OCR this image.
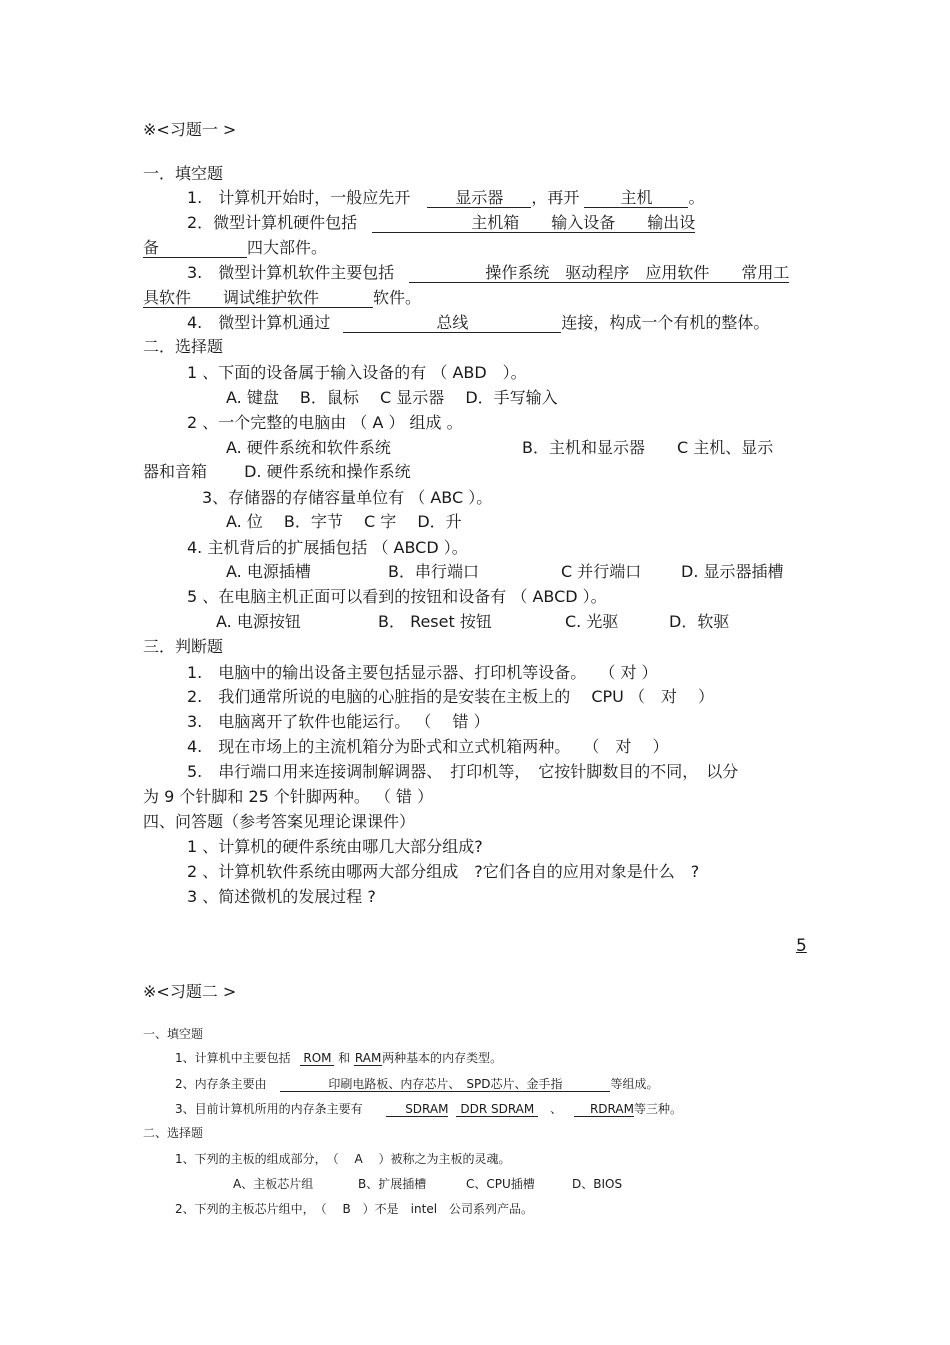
※<习题一 >
一．填空题
1.　计算机开始时，一般应先开	显示器 ，再开	主机 。
2．微型计算机硬件包括	主机箱　　输入设备　　输出设
备	四大部件。
3.　微型计算机软件主要包括	操作系统　驱动程序　应用软件　　常用工
具软件　　调试维护软件	软件。
4.　微型计算机通过	总线	连接，构成一个有机的整体。
二．选择题
1 、下面的设备属于输入设备的有 （ ABD　）。
A. 键盘　 B．鼠标　 C 显示器　 D．手写输入
2 、一个完整的电脑由 （ A ） 组成 。
A. 硬件系统和软件系统	B．主机和显示器　　C 主机、显示
器和音箱　　 D. 硬件系统和操作系统
3、存储器的存储容量单位有 （ ABC ）。
A. 位　 B．字节　 C 字　 D．升
4. 主机背后的扩展插包括 （ ABCD ）。
A. 电源插槽	B．串行端口	C 并行端口 D. 显示器插槽
5 、在电脑主机正面可以看到的按钮和设备有 （ ABCD ）。
A. 电源按钮	B． Reset 按钮	C. 光驱	D．软驱
三．判断题
1.　电脑中的输出设备主要包括显示器、打印机等设备。　 （ 对 ）
2.　我们通常所说的电脑的心脏指的是安装在主板上的　 CPU （　对　 ）
3.　电脑离开了软件也能运行。 （　 错 ）
4.　现在市场上的主流机箱分为卧式和立式机箱两种。　 （　对　 ）
5.　串行端口用来连接调制解调器、　打印机等，　它按针脚数目的不同，　以分
为 9 个针脚和 25 个针脚两种。 （ 错 ）
四、问答题（参考答案见理论课课件）
1 、计算机的硬件系统由哪几大部分组成?
2 、计算机软件系统由哪两大部分组成　?它们各自的应用对象是什么　?
3 、简述微机的发展过程 ?
5
※<习题二 >
一、填空题
1、计算机中主要包括 ROM 和 RAM两种基本的内存类型。
2、内存条主要由	印刷电路板、内存芯片、　SPD芯片、金手指	等组成。
3、目前计算机所用的内存条主要有	SDRAM DDR SDRAM 、 RDRAM等三种。
二、选择题
1、下列的主板的组成部分，　（　 A　 ）被称之为主板的灵魂。
A、主板芯片组	B、扩展插槽	C、CPU插槽	D、BIOS
2、下列的主板芯片组中，　（　 B　）不是　intel　公司系列产品。
